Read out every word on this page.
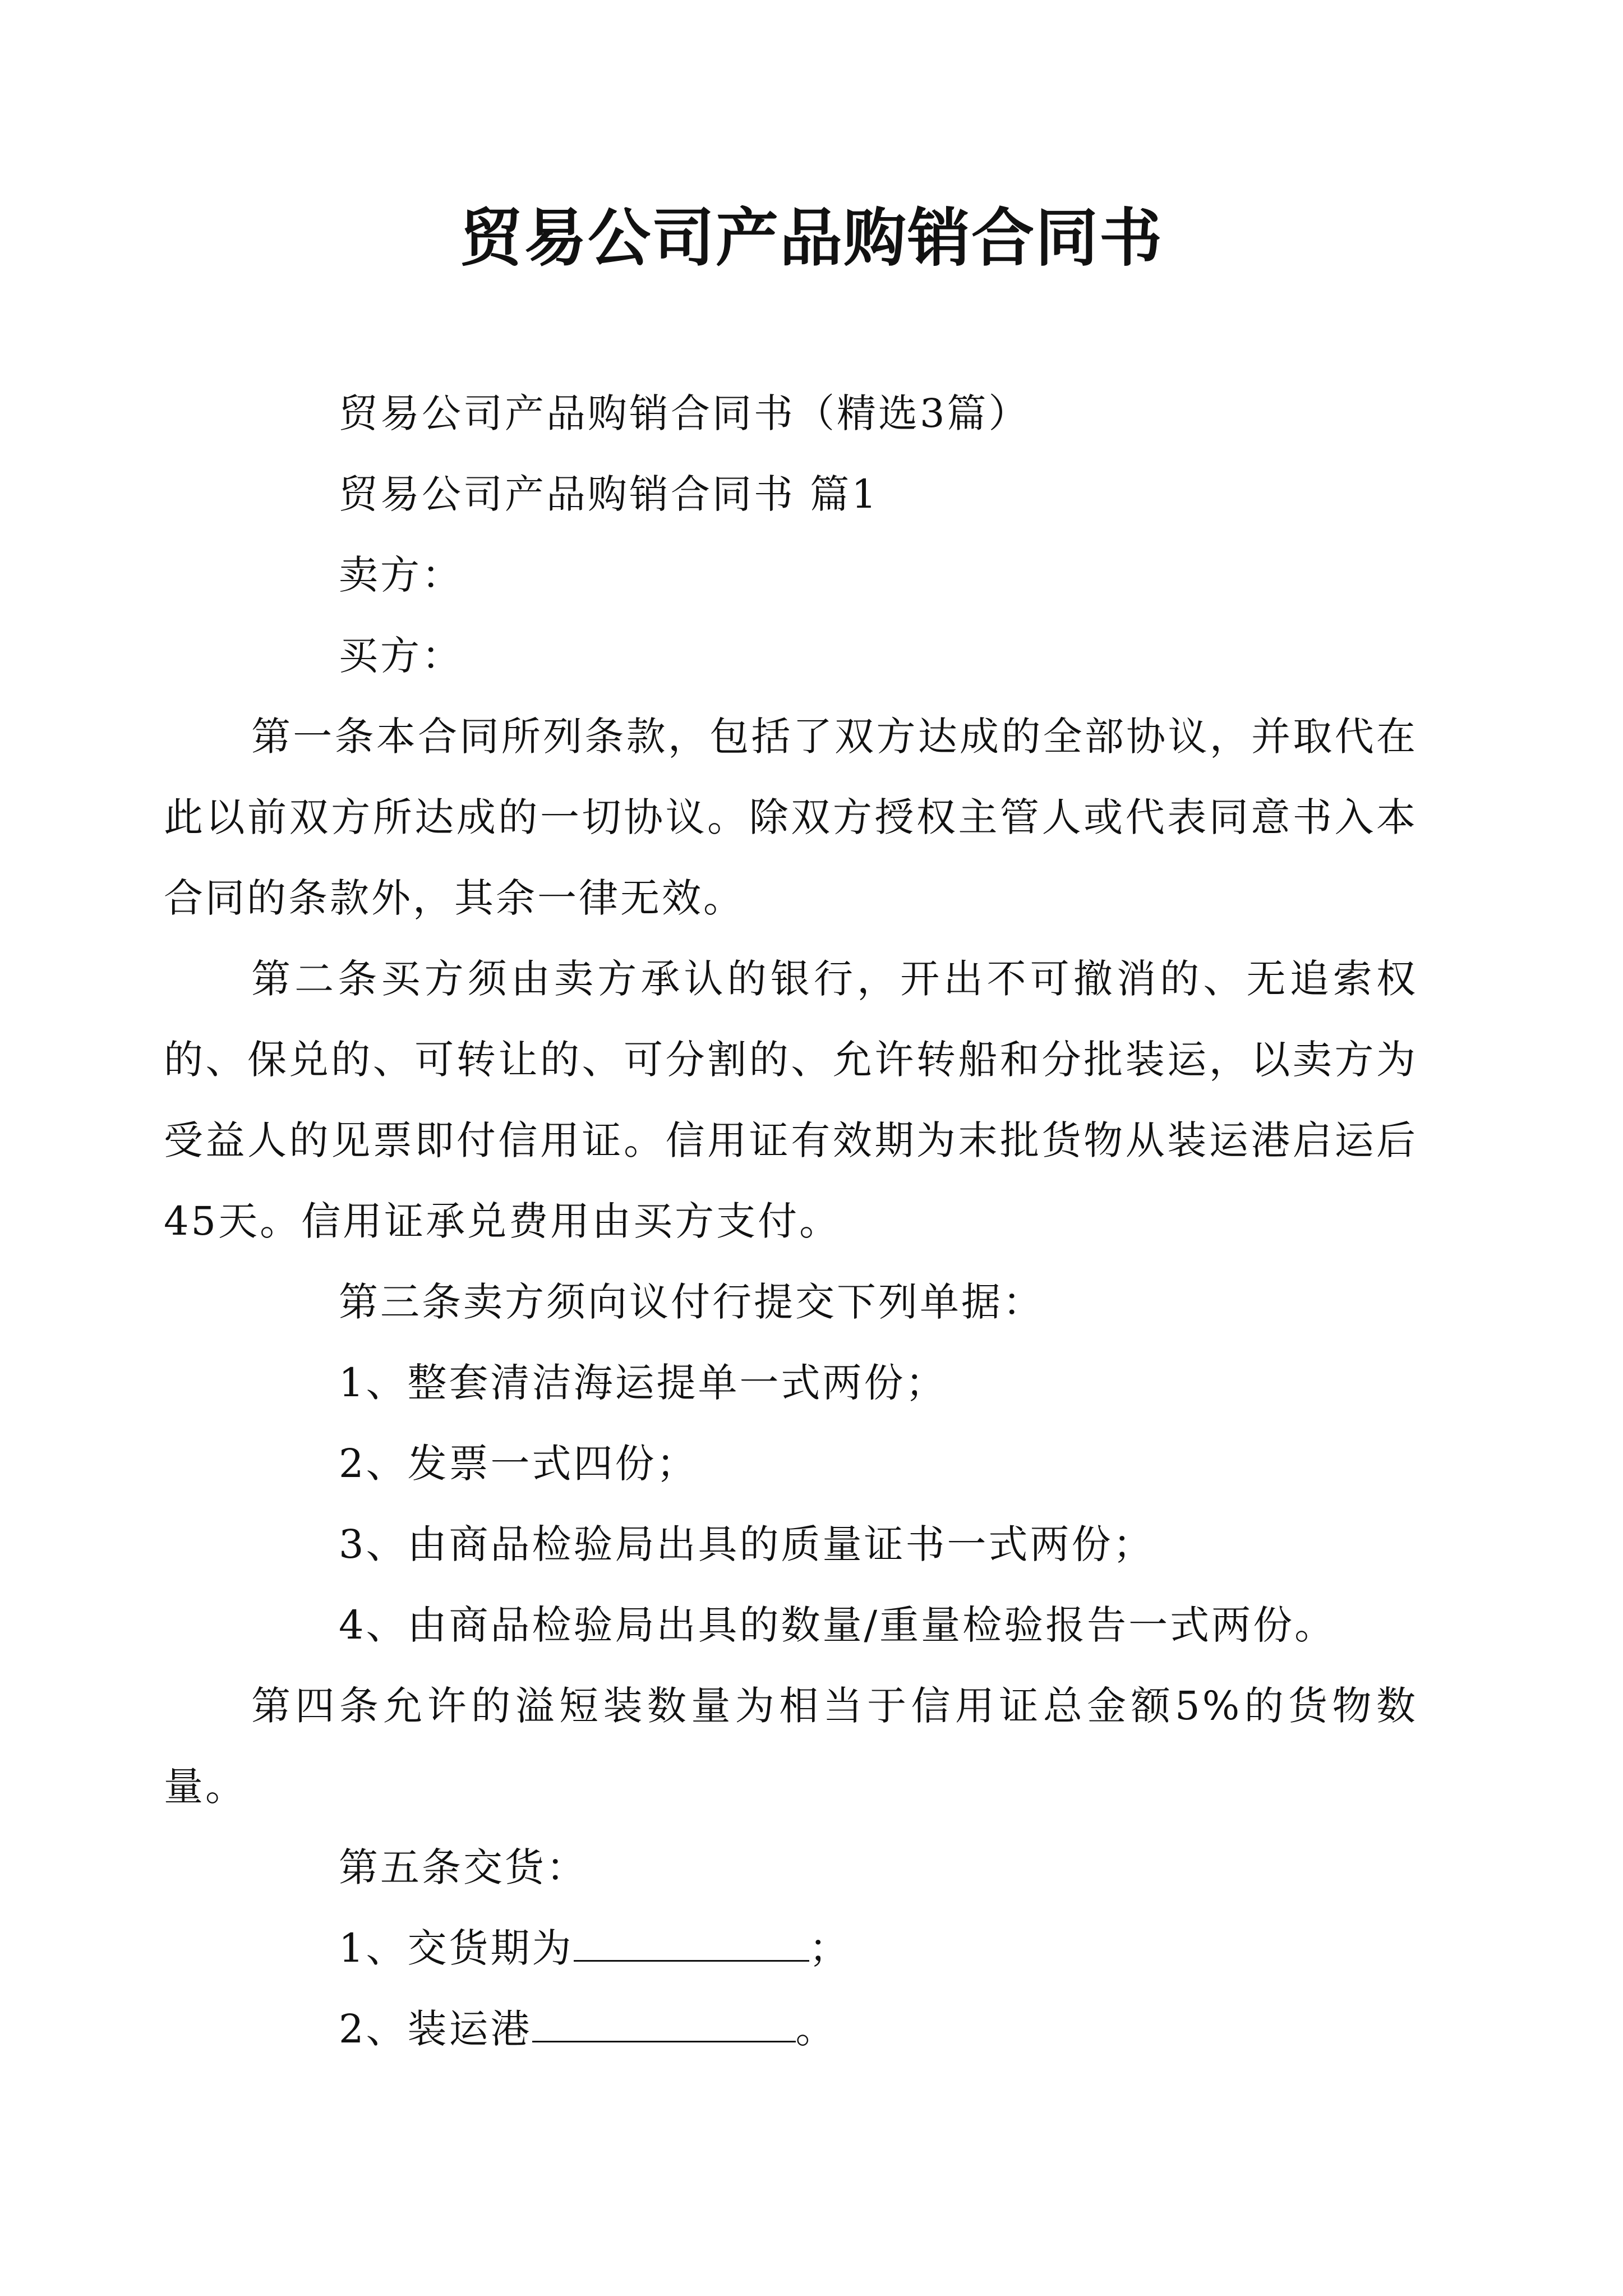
贸易公司产品购销合同书

贸易公司产品购销合同书（精选3篇）

贸易公司产品购销合同书 篇1

卖方：

买方：

第一条本合同所列条款，包括了双方达成的全部协议，并取代在此以前双方所达成的一切协议。除双方授权主管人或代表同意书入本合同的条款外，其余一律无效。

第二条买方须由卖方承认的银行，开出不可撤消的、无追索权的、保兑的、可转让的、可分割的、允许转船和分批装运，以卖方为受益人的见票即付信用证。信用证有效期为末批货物从装运港启运后45天。信用证承兑费用由买方支付。

第三条卖方须向议付行提交下列单据：

1、整套清洁海运提单一式两份；

2、发票一式四份；

3、由商品检验局出具的质量证书一式两份；

4、由商品检验局出具的数量/重量检验报告一式两份。

第四条允许的溢短装数量为相当于信用证总金额5%的货物数量。

第五条交货：

1、交货期为	；

2、装运港	。
